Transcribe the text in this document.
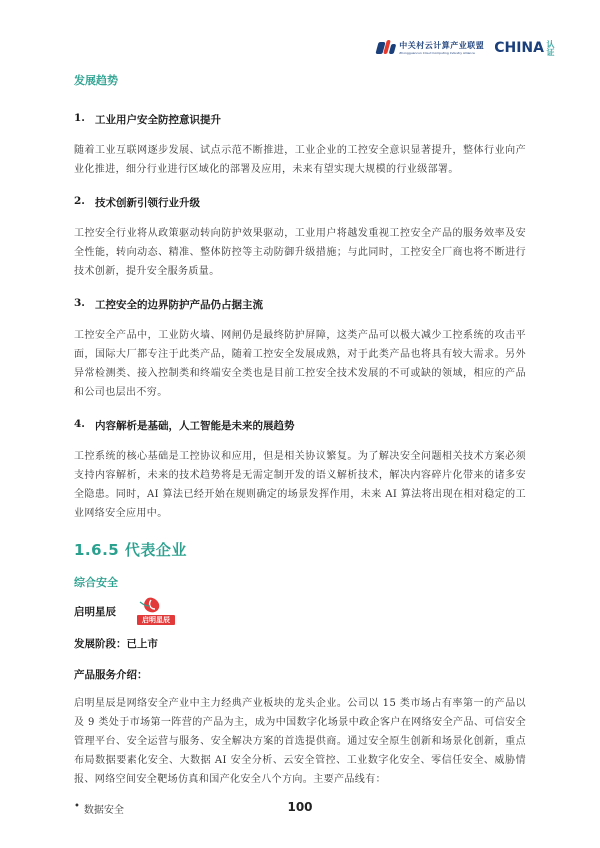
中关村云计算产业联盟
Zhongguancun Cloud Computing Industry Alliance	CHINA 认证

发展趋势

1. 工业用户安全防控意识提升

随着工业互联网逐步发展、试点示范不断推进，工业企业的工控安全意识显著提升，整体行业向产业化推进，细分行业进行区域化的部署及应用，未来有望实现大规模的行业级部署。

2. 技术创新引领行业升级

工控安全行业将从政策驱动转向防护效果驱动，工业用户将越发重视工控安全产品的服务效率及安全性能，转向动态、精准、整体防控等主动防御升级措施；与此同时，工控安全厂商也将不断进行技术创新，提升安全服务质量。

3. 工控安全的边界防护产品仍占据主流

工控安全产品中，工业防火墙、网闸仍是最终防护屏障，这类产品可以极大减少工控系统的攻击平面，国际大厂都专注于此类产品，随着工控安全发展成熟，对于此类产品也将具有较大需求。另外异常检测类、接入控制类和终端安全类也是目前工控安全技术发展的不可或缺的领域，相应的产品和公司也层出不穷。

4. 内容解析是基础，人工智能是未来的展趋势

工控系统的核心基础是工控协议和应用，但是相关协议繁复。为了解决安全问题相关技术方案必须支持内容解析，未来的技术趋势将是无需定制开发的语义解析技术，解决内容碎片化带来的诸多安全隐患。同时，AI 算法已经开始在规则确定的场景发挥作用，未来 AI 算法将出现在相对稳定的工业网络安全应用中。

1.6.5 代表企业

综合安全

启明星辰
启明星辰

发展阶段：已上市

产品服务介绍：

启明星辰是网络安全产业中主力经典产业板块的龙头企业。公司以 15 类市场占有率第一的产品以及 9 类处于市场第一阵营的产品为主，成为中国数字化场景中政企客户在网络安全产品、可信安全管理平台、安全运营与服务、安全解决方案的首选提供商。通过安全原生创新和场景化创新，重点布局数据要素化安全、大数据 AI 安全分析、云安全管控、工业数字化安全、零信任安全、威胁情报、网络空间安全靶场仿真和国产化安全八个方向。主要产品线有：

• 数据安全	100
